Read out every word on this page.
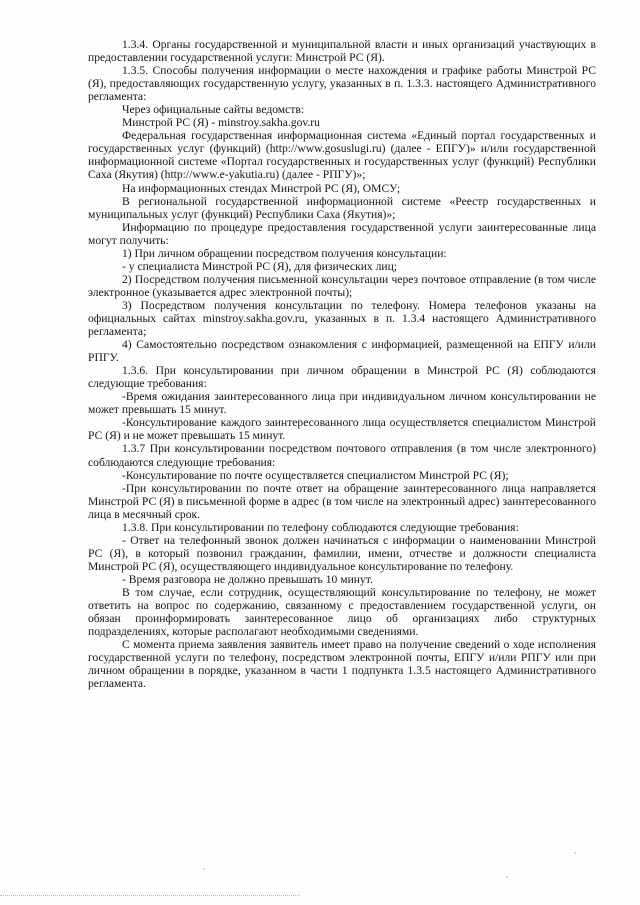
1.3.4. Органы государственной и муниципальной власти и иных организаций участвующих в предоставлении государственной услуги: Минстрой РС (Я).

1.3.5. Способы получения информации о месте нахождения и графике работы Минстрой РС (Я), предоставляющих государственную услугу, указанных в п. 1.3.3. настоящего Административного регламента:

Через официальные сайты ведомств:

Минстрой РС (Я) - minstroy.sakha.gov.ru

Федеральная государственная информационная система «Единый портал государственных и государственных услуг (функций) (http://www.gosuslugi.ru) (далее - ЕПГУ)» и/или государственной информационной системе «Портал государственных и государственных услуг (функций) Республики Саха (Якутия) (http://www.e-yakutia.ru) (далее - РПГУ)»;

На информационных стендах Минстрой РС (Я), ОМСУ;

В региональной государственной информационной системе «Реестр государственных и муниципальных услуг (функций) Республики Саха (Якутия)»;

Информацию по процедуре предоставления государственной услуги заинтересованные лица могут получить:

1) При личном обращении посредством получения консультации:

- у специалиста Минстрой РС (Я), для физических лиц;

2) Посредством получения письменной консультации через почтовое отправление (в том числе электронное (указывается адрес электронной почты);

3) Посредством получения консультации по телефону. Номера телефонов указаны на официальных сайтах minstroy.sakha.gov.ru, указанных в п. 1.3.4 настоящего Административного регламента;

4) Самостоятельно посредством ознакомления с информацией, размещенной на ЕПГУ и/или РПГУ.

1.3.6. При консультировании при личном обращении в Минстрой РС (Я) соблюдаются следующие требования:

-Время ожидания заинтересованного лица при индивидуальном личном консультировании не может превышать 15 минут.

-Консультирование каждого заинтересованного лица осуществляется специалистом Минстрой РС (Я) и не может превышать 15 минут.

1.3.7 При консультировании посредством почтового отправления (в том числе электронного) соблюдаются следующие требования:

-Консультирование по почте осуществляется специалистом Минстрой РС (Я);

-При консультировании по почте ответ на обращение заинтересованного лица направляется Минстрой РС (Я) в письменной форме в адрес (в том числе на электронный адрес) заинтересованного лица в месячный срок.

1.3.8. При консультировании по телефону соблюдаются следующие требования:

- Ответ на телефонный звонок должен начинаться с информации о наименовании Минстрой РС (Я), в который позвонил гражданин, фамилии, имени, отчестве и должности специалиста Минстрой РС (Я), осуществляющего индивидуальное консультирование по телефону.

- Время разговора не должно превышать 10 минут.

В том случае, если сотрудник, осуществляющий консультирование по телефону, не может ответить на вопрос по содержанию, связанному с предоставлением государственной услуги, он обязан проинформировать заинтересованное лицо об организациях либо структурных подразделениях, которые располагают необходимыми сведениями.

С момента приема заявления заявитель имеет право на получение сведений о ходе исполнения государственной услуги по телефону, посредством электронной почты, ЕПГУ и/или РПГУ или при личном обращении в порядке, указанном в части 1 подпункта 1.3.5 настоящего Административного регламента.
